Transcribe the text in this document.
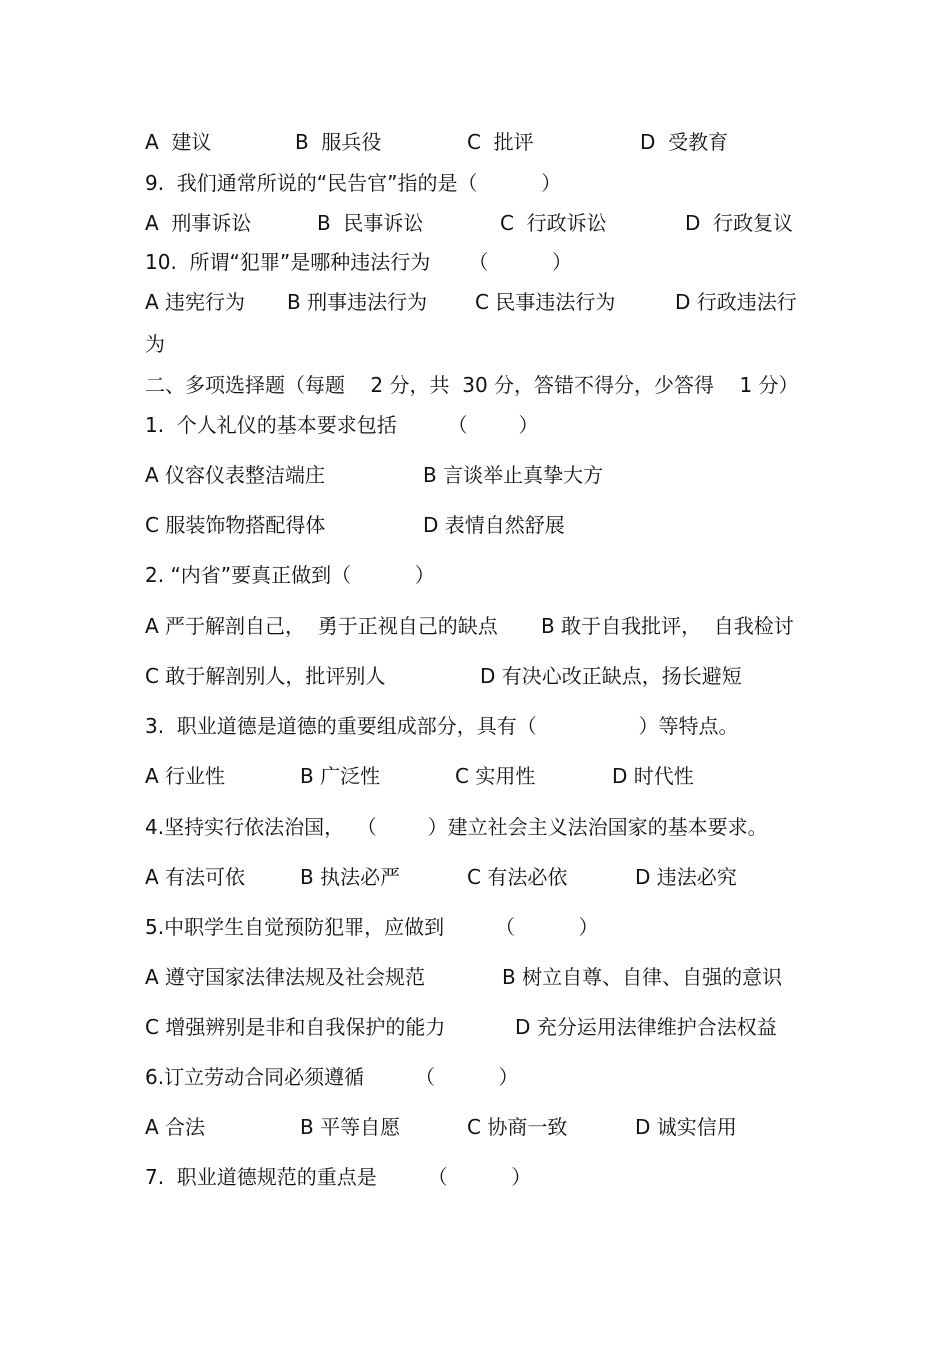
A  建议

	B  服兵役

	C  批评

	D  受教育

9.  我们通常所说的“民告官”指的是（          ）

A  刑事诉讼

	B  民事诉讼

	C  行政诉讼

	D  行政复议

10.  所谓“犯罪”是哪种违法行为      （          ）

A 违宪行为

B 刑事违法行为

C 民事违法行为

	D 行政违法行

为
二、多项选择题（每题    2 分，共  30 分，答错不得分，少答得    1 分）
1.  个人礼仪的基本要求包括        （        ）

A 仪容仪表整洁端庄

	B 言谈举止真挚大方

C 服装饰物搭配得体

	D 表情自然舒展

2. “内省”要真正做到（          ）

A 严于解剖自己，  勇于正视自己的缺点

B 敢于自我批评，  自我检讨

C 敢于解剖别人，批评别人

	D 有决心改正缺点，扬长避短

3.  职业道德是道德的重要组成部分，具有（                ）等特点。

A 行业性

	B 广泛性

	C 实用性

	D 时代性

4.坚持实行依法治国，  （        ）建立社会主义法治国家的基本要求。

A 有法可依

	B 执法必严

	C 有法必依

	D 违法必究

5.中职学生自觉预防犯罪，应做到        （          ）

A 遵守国家法律法规及社会规范

	B 树立自尊、自律、自强的意识

C 增强辨别是非和自我保护的能力

	D 充分运用法律维护合法权益

6.订立劳动合同必须遵循        （          ）

A 合法

	B 平等自愿

	C 协商一致

	D 诚实信用

7.  职业道德规范的重点是        （          ）
